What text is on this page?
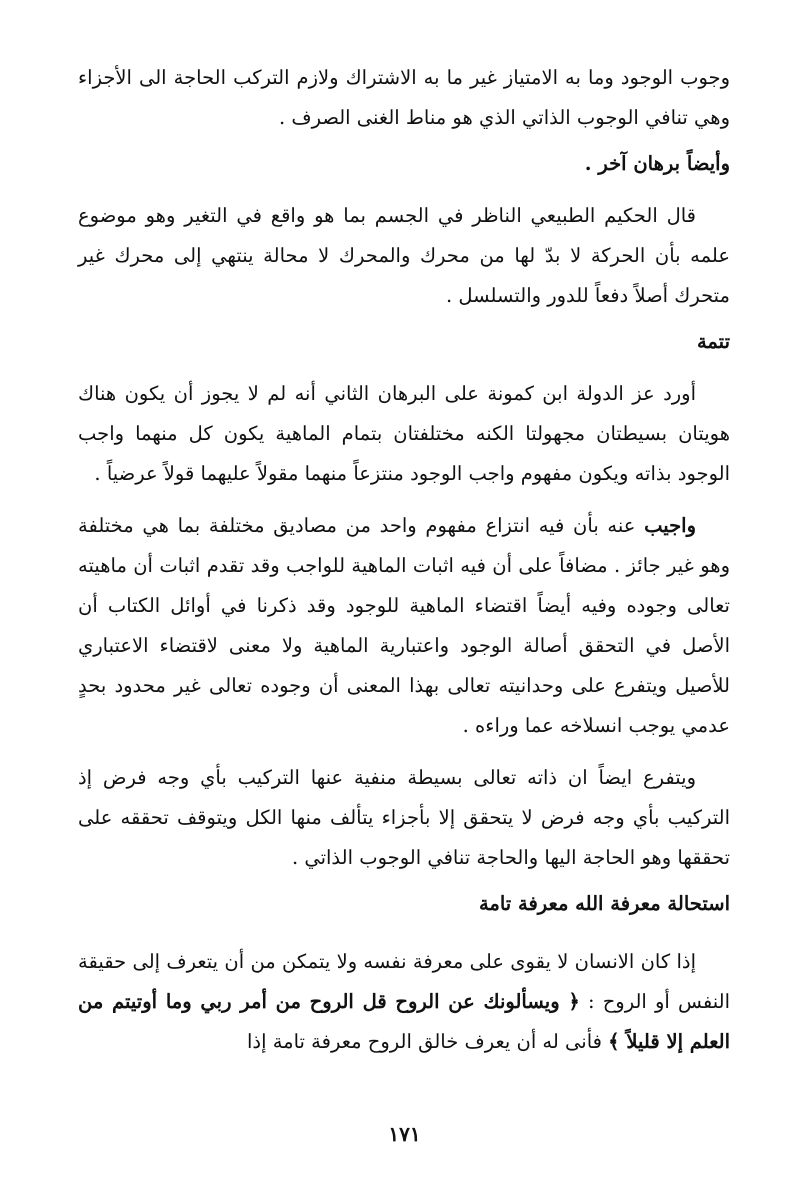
وجوب الوجود وما به الامتياز غير ما به الاشتراك ولازم التركب الحاجة الى الأجزاء وهي تنافي الوجوب الذاتي الذي هو مناط الغنى الصرف .

وأيضاً برهان آخر .

قال الحكيم الطبيعي الناظر في الجسم بما هو واقع في التغير وهو موضوع علمه بأن الحركة لا بدّ لها من محرك والمحرك لا محالة ينتهي إلى محرك غير متحرك أصلاً دفعاً للدور والتسلسل .

تتمة

أورد عز الدولة ابن كمونة على البرهان الثاني أنه لم لا يجوز أن يكون هناك هويتان بسيطتان مجهولتا الكنه مختلفتان بتمام الماهية يكون كل منهما واجب الوجود بذاته ويكون مفهوم واجب الوجود منتزعاً منهما مقولاً عليهما قولاً عرضياً .

واجيب عنه بأن فيه انتزاع مفهوم واحد من مصاديق مختلفة بما هي مختلفة وهو غير جائز . مضافاً على أن فيه اثبات الماهية للواجب وقد تقدم اثبات أن ماهيته تعالى وجوده وفيه أيضاً اقتضاء الماهية للوجود وقد ذكرنا في أوائل الكتاب أن الأصل في التحقق أصالة الوجود واعتبارية الماهية ولا معنى لاقتضاء الاعتباري للأصيل ويتفرع على وحدانيته تعالى بهذا المعنى أن وجوده تعالى غير محدود بحدٍ عدمي يوجب انسلاخه عما وراءه .

ويتفرع ايضاً ان ذاته تعالى بسيطة منفية عنها التركيب بأي وجه فرض إذ التركيب بأي وجه فرض لا يتحقق إلا بأجزاء يتألف منها الكل ويتوقف تحققه على تحققها وهو الحاجة اليها والحاجة تنافي الوجوب الذاتي .

استحالة معرفة الله معرفة تامة

إذا كان الانسان لا يقوى على معرفة نفسه ولا يتمكن من أن يتعرف إلى حقيقة النفس أو الروح : ﴿ ويسألونك عن الروح قل الروح من أمر ربي وما أوتيتم من العلم إلا قليلاً ﴾ فأنى له أن يعرف خالق الروح معرفة تامة إذا

١٧١
